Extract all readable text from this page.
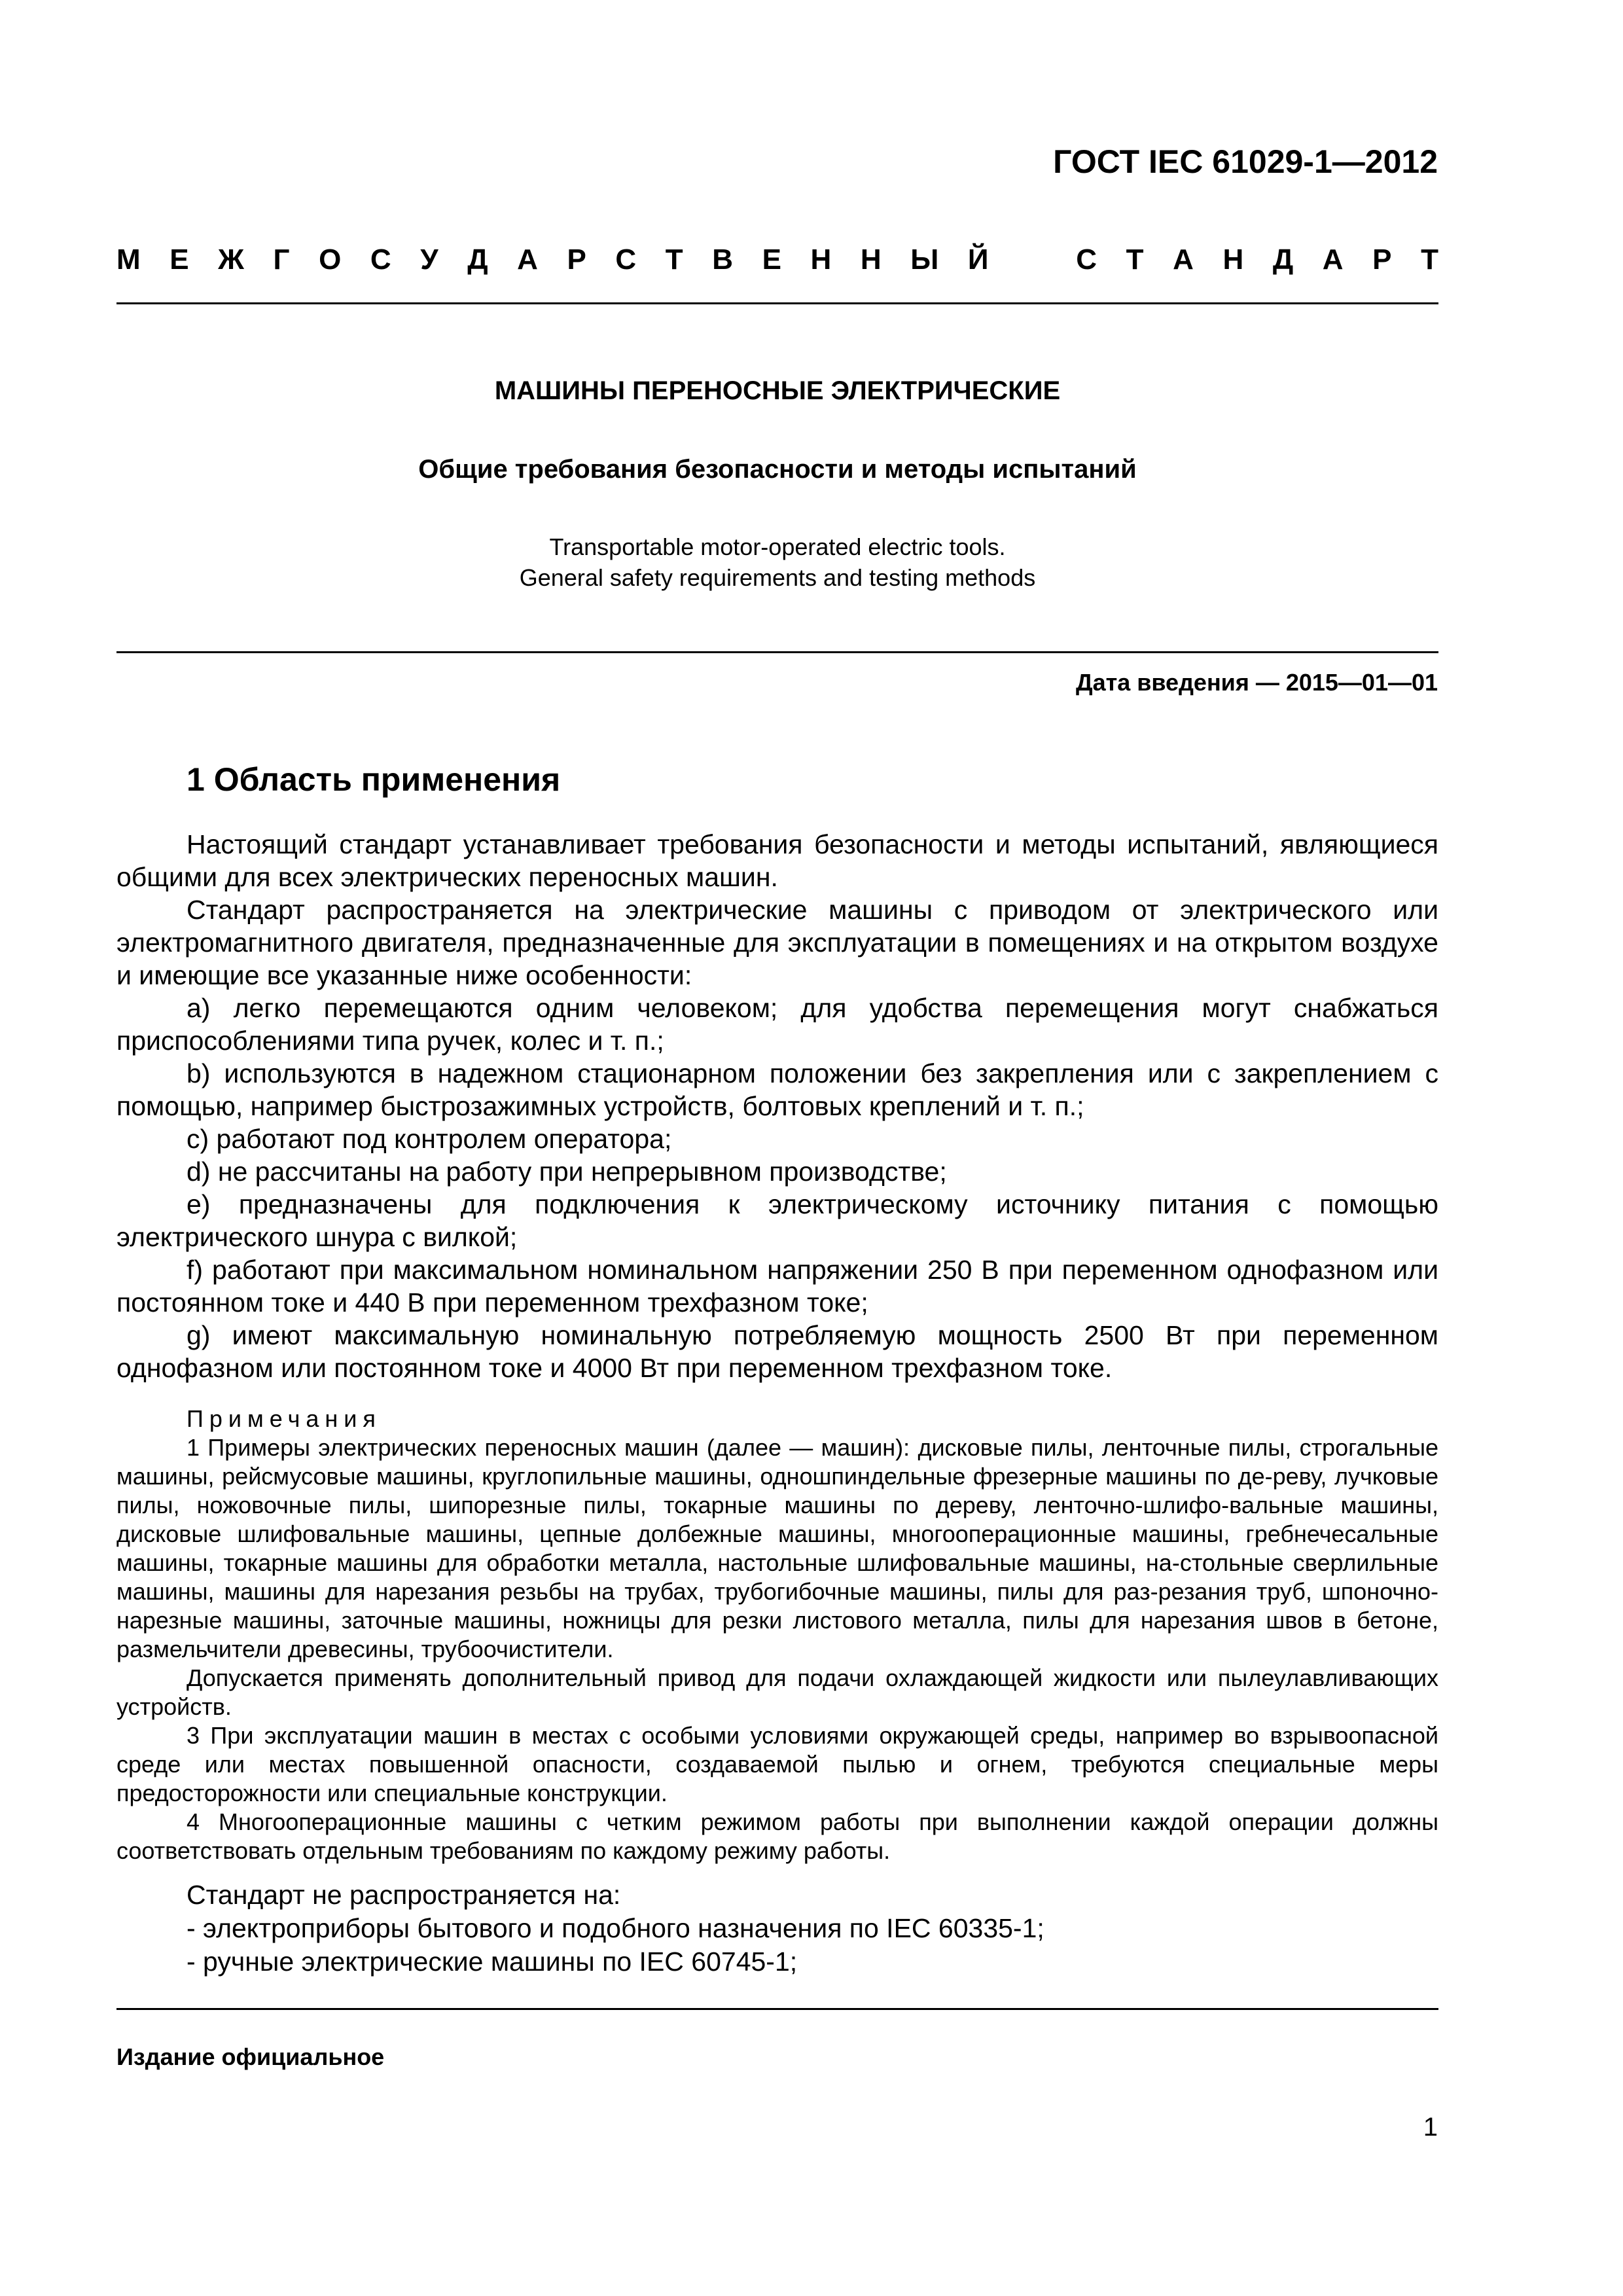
ГОСТ IEC 61029-1—2012
М Е Ж Г О С У Д А Р С Т В Е Н Н Ы Й	С Т А Н Д А Р Т
МАШИНЫ ПЕРЕНОСНЫЕ ЭЛЕКТРИЧЕСКИЕ
Общие требования безопасности и методы испытаний
Transportable motor-operated electric tools.
General safety requirements and testing methods
Дата введения — 2015—01—01
1 Область применения

Настоящий стандарт устанавливает требования безопасности и методы испытаний, являющиеся общими для всех электрических переносных машин.

Стандарт распространяется на электрические машины с приводом от электрического или электромагнитного двигателя, предназначенные для эксплуатации в помещениях и на открытом воздухе и имеющие все указанные ниже особенности:

a) легко перемещаются одним человеком; для удобства перемещения могут снабжаться приспособлениями типа ручек, колес и т. п.;

b) используются в надежном стационарном положении без закрепления или с закреплением с помощью, например быстрозажимных устройств, болтовых креплений и т. п.;

c) работают под контролем оператора;

d) не рассчитаны на работу при непрерывном производстве;

e) предназначены для подключения к электрическому источнику питания с помощью электрического шнура с вилкой;

f) работают при максимальном номинальном напряжении 250 В при переменном однофазном или постоянном токе и 440 В при переменном трехфазном токе;

g) имеют максимальную номинальную потребляемую мощность 2500 Вт при переменном однофазном или постоянном токе и 4000 Вт при переменном трехфазном токе.

Примечания

1 Примеры электрических переносных машин (далее — машин): дисковые пилы, ленточные пилы, строгальные машины, рейсмусовые машины, круглопильные машины, одношпиндельные фрезерные машины по де-реву, лучковые пилы, ножовочные пилы, шипорезные пилы, токарные машины по дереву, ленточно-шлифо-вальные машины, дисковые шлифовальные машины, цепные долбежные машины, многооперационные машины, гребнечесальные машины, токарные машины для обработки металла, настольные шлифовальные машины, на-стольные сверлильные машины, машины для нарезания резьбы на трубах, трубогибочные машины, пилы для раз-резания труб, шпоночно-нарезные машины, заточные машины, ножницы для резки листового металла, пилы для нарезания швов в бетоне, размельчители древесины, трубоочистители.

Допускается применять дополнительный привод для подачи охлаждающей жидкости или пылеулавливающих устройств.

3 При эксплуатации машин в местах с особыми условиями окружающей среды, например во взрывоопасной среде или местах повышенной опасности, создаваемой пылью и огнем, требуются специальные меры предосторожности или специальные конструкции.

4 Многооперационные машины с четким режимом работы при выполнении каждой операции должны соответствовать отдельным требованиям по каждому режиму работы.

Стандарт не распространяется на:

- электроприборы бытового и подобного назначения по IEC 60335-1;

- ручные электрические машины по IEC 60745-1;

Издание официальное
1
